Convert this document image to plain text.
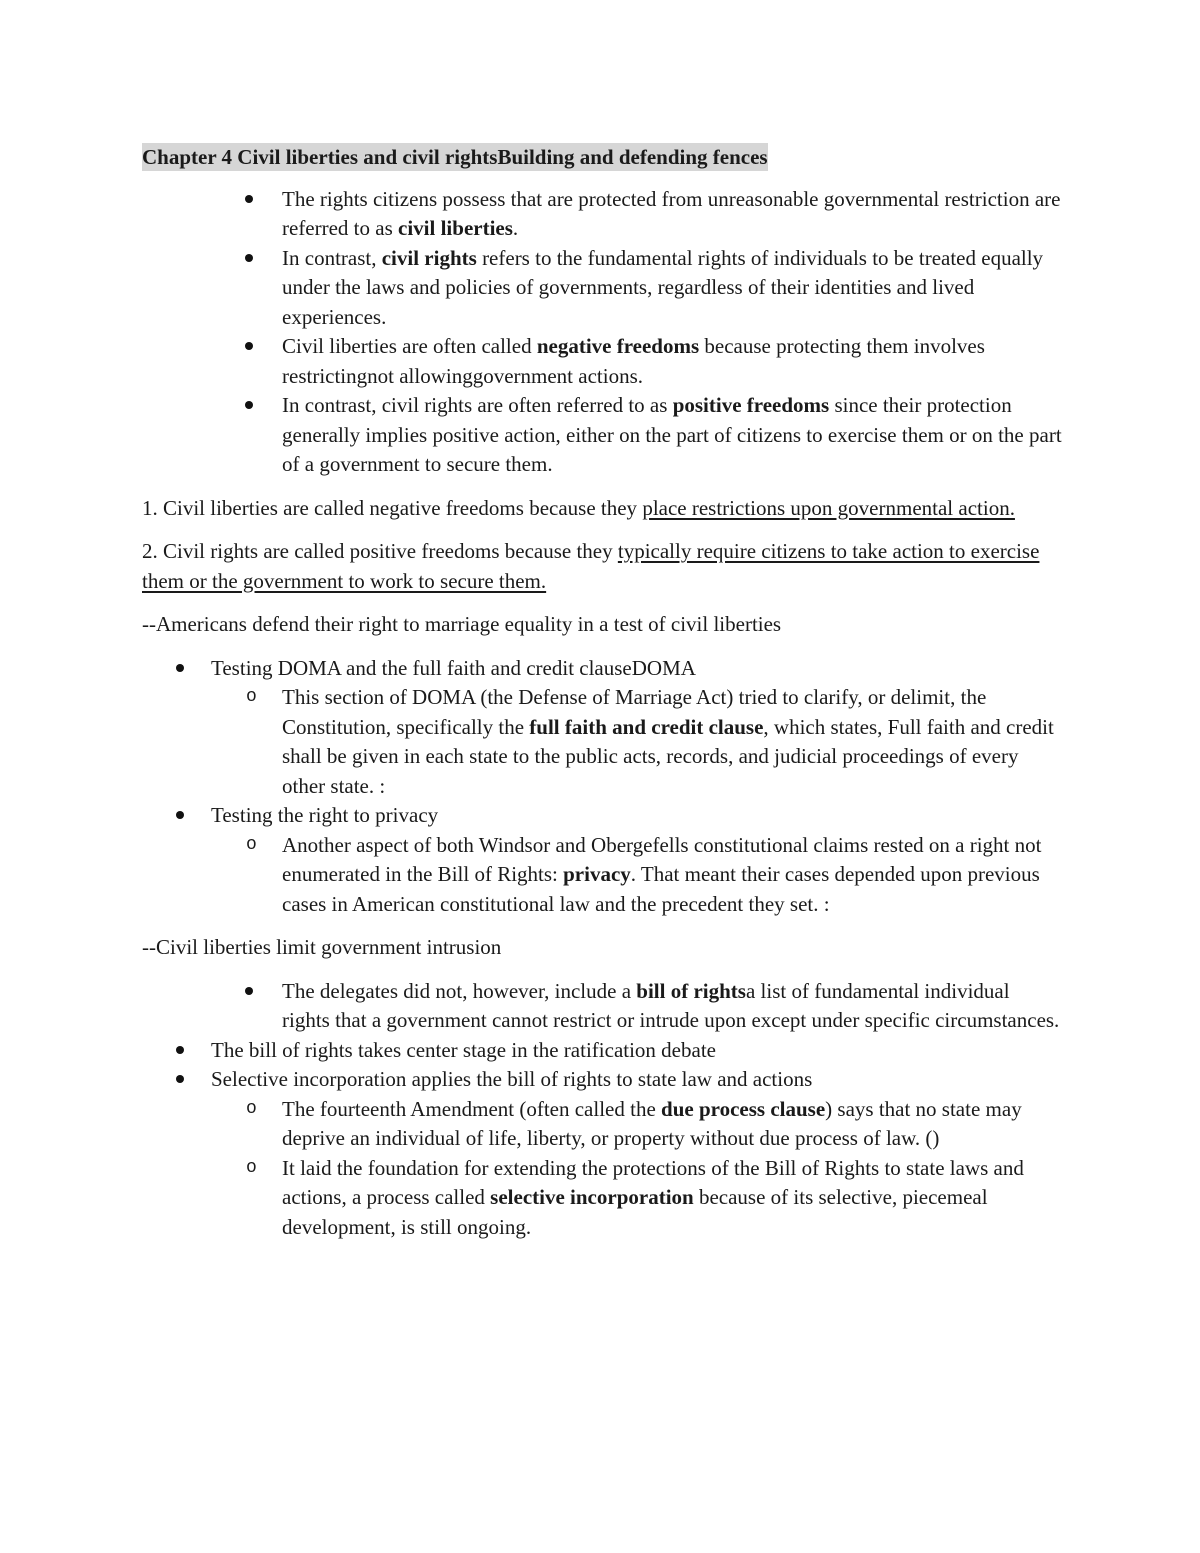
Chapter 4 Civil liberties and civil rightsBuilding and defending fences
The rights citizens possess that are protected from unreasonable governmental restriction are referred to as civil liberties.
In contrast, civil rights refers to the fundamental rights of individuals to be treated equally under the laws and policies of governments, regardless of their identities and lived experiences.
Civil liberties are often called negative freedoms because protecting them involves restrictingnot allowinggovernment actions.
In contrast, civil rights are often referred to as positive freedoms since their protection generally implies positive action, either on the part of citizens to exercise them or on the part of a government to secure them.

1. Civil liberties are called negative freedoms because they place restrictions upon governmental action.

2. Civil rights are called positive freedoms because they typically require citizens to take action to exercise them or the government to work to secure them.

--Americans defend their right to marriage equality in a test of civil liberties

Testing DOMA and the full faith and credit clauseDOMA
o This section of DOMA (the Defense of Marriage Act) tried to clarify, or delimit, the Constitution, specifically the full faith and credit clause, which states, Full faith and credit shall be given in each state to the public acts, records, and judicial proceedings of every other state. :
Testing the right to privacy
o Another aspect of both Windsor and Obergefells constitutional claims rested on a right not enumerated in the Bill of Rights: privacy. That meant their cases depended upon previous cases in American constitutional law and the precedent they set. :

--Civil liberties limit government intrusion

The delegates did not, however, include a bill of rightsa list of fundamental individual rights that a government cannot restrict or intrude upon except under specific circumstances.
The bill of rights takes center stage in the ratification debate
Selective incorporation applies the bill of rights to state law and actions
o The fourteenth Amendment (often called the due process clause) says that no state may deprive an individual of life, liberty, or property without due process of law. ()
o It laid the foundation for extending the protections of the Bill of Rights to state laws and actions, a process called selective incorporation because of its selective, piecemeal development, is still ongoing.
